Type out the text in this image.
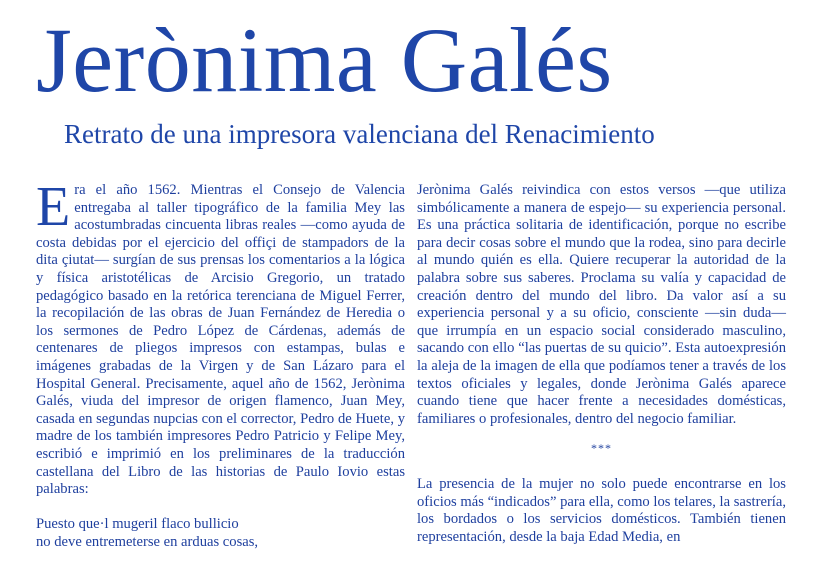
Jerònima Galés
Retrato de una impresora valenciana del Renacimiento

Era el año 1562. Mientras el Consejo de Valencia entregaba al taller tipográfico de la familia Mey las acostumbradas cincuenta libras reales —como ayuda de costa debidas por el ejercicio del offiçi de stampadors de la dita çiutat— surgían de sus prensas los comentarios a la lógica y física aristotélicas de Arcisio Gregorio, un tratado pedagógico basado en la retórica terenciana de Miguel Ferrer, la recopilación de las obras de Juan Fernández de Heredia o los sermones de Pedro López de Cárdenas, además de centenares de pliegos impresos con estampas, bulas e imágenes grabadas de la Virgen y de San Lázaro para el Hospital General. Precisamente, aquel año de 1562, Jerònima Galés, viuda del impresor de origen flamenco, Juan Mey, casada en segundas nupcias con el corrector, Pedro de Huete, y madre de los también impresores Pedro Patricio y Felipe Mey, escribió e imprimió en los preliminares de la traducción castellana del Libro de las historias de Paulo Iovio estas palabras:

Puesto que·l mugeril flaco bullicio
no deve entremeterse en arduas cosas,

Jerònima Galés reivindica con estos versos —que utiliza simbólicamente a manera de espejo— su experiencia personal. Es una práctica solitaria de identificación, porque no escribe para decir cosas sobre el mundo que la rodea, sino para decirle al mundo quién es ella. Quiere recuperar la autoridad de la palabra sobre sus saberes. Proclama su valía y capacidad de creación dentro del mundo del libro. Da valor así a su experiencia personal y a su oficio, consciente —sin duda— que irrumpía en un espacio social considerado masculino, sacando con ello “las puertas de su quicio”. Esta autoexpresión la aleja de la imagen de ella que podíamos tener a través de los textos oficiales y legales, donde Jerònima Galés aparece cuando tiene que hacer frente a necesidades domésticas, familiares o profesionales, dentro del negocio familiar.

***

La presencia de la mujer no solo puede encontrarse en los oficios más “indicados” para ella, como los telares, la sastrería, los bordados o los servicios domésticos. También tienen representación, desde la baja Edad Media, en
